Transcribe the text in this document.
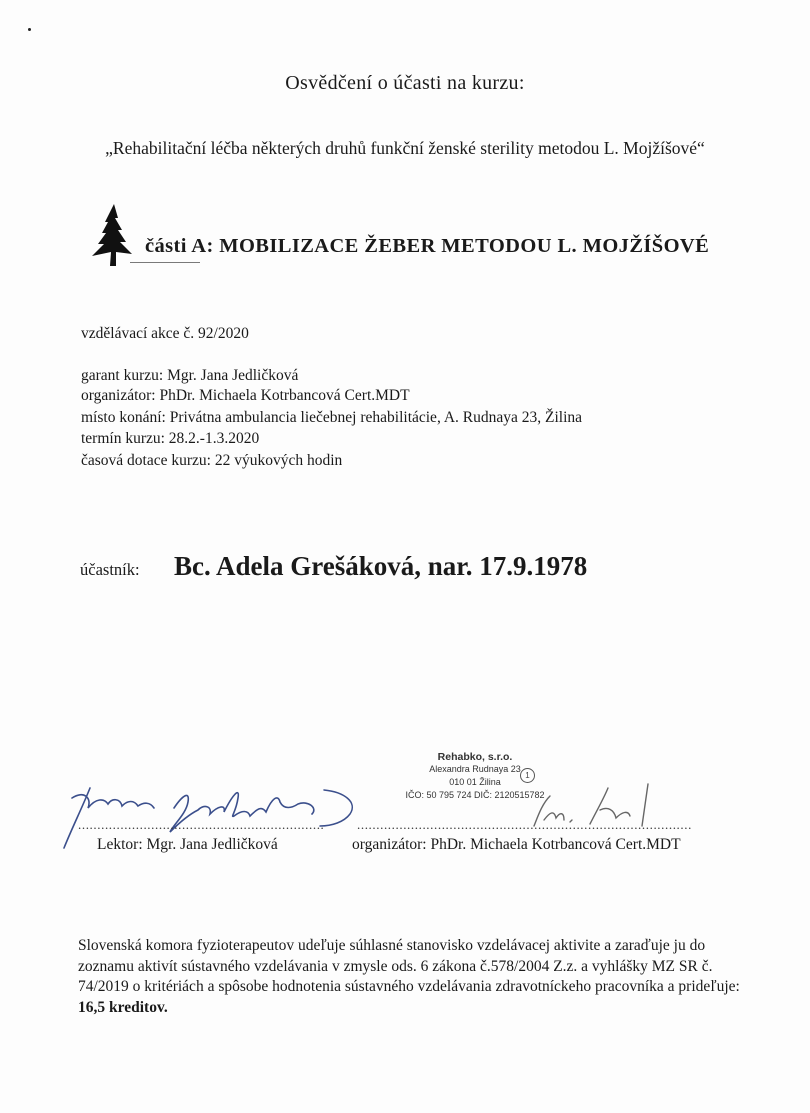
Osvědčení o účasti na kurzu:
„Rehabilitační léčba některých druhů funkční ženské sterility metodou L. Mojžíšové“
části A: MOBILIZACE ŽEBER METODOU L. MOJŽÍŠOVÉ
vzdělávací akce č. 92/2020
garant kurzu: Mgr. Jana Jedličková
organizátor: PhDr. Michaela Kotrbancová Cert.MDT
místo konání: Privátna ambulancia liečebnej rehabilitácie, A. Rudnaya 23, Žilina
termín kurzu: 28.2.-1.3.2020
časová dotace kurzu: 22 výukových hodin
účastník: Bc. Adela Grešáková, nar. 17.9.1978
Rehabko, s.r.o.
Alexandra Rudnaya 23
010 01 Žilina
IČO: 50 795 724 DIČ: 2120515782
1
................................................................	.......................................................................................
Lektor: Mgr. Jana Jedličková	organizátor: PhDr. Michaela Kotrbancová Cert.MDT
Slovenská komora fyzioterapeutov udeľuje súhlasné stanovisko vzdelávacej aktivite a zaraďuje ju do zoznamu aktivít sústavného vzdelávania v zmysle ods. 6 zákona č.578/2004 Z.z. a vyhlášky MZ SR č. 74/2019 o kritériách a spôsobe hodnotenia sústavného vzdelávania zdravotníckeho pracovníka a prideľuje: 16,5 kreditov.
